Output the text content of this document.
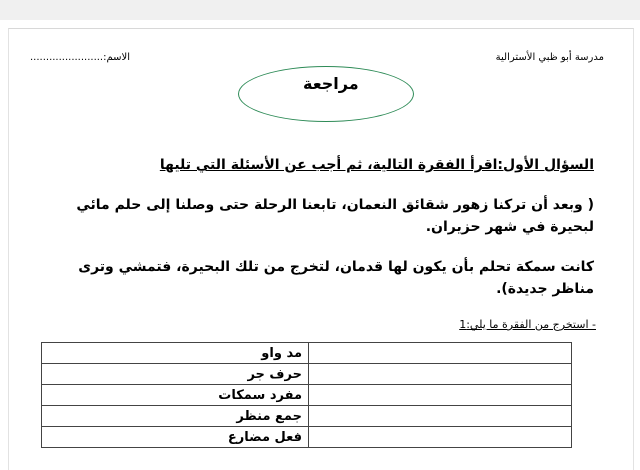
مدرسة أبو ظبي الأسترالية
الاسم:.......................
مراجعة
السؤال الأول:اقرأ الفقرة التالية، ثم أجب عن الأسئلة التي تليها
( وبعد أن تركنا زهور شقائق النعمان، تابعنا الرحلة حتى وصلنا إلى حلم مائي لبحيرة في شهر حزيران.
كانت سمكة تحلم بأن يكون لها قدمان، لتخرج من تلك البحيرة، فتمشي وترى مناظر جديدة).
- استخرج من الفقرة ما يلي:1
مد واو	
حرف جر	
مفرد سمكات	
جمع منظر	
فعل مضارع	
